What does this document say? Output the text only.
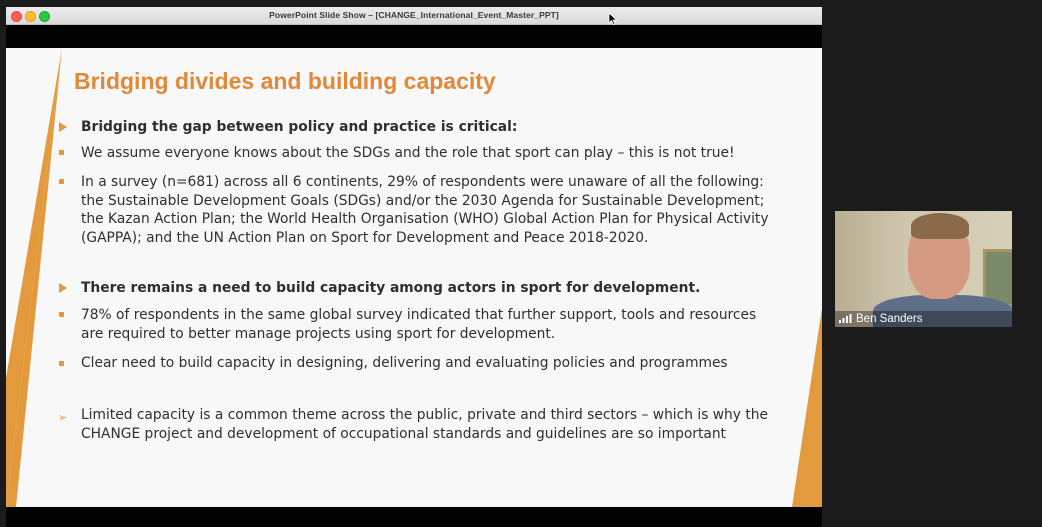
PowerPoint Slide Show – [CHANGE_International_Event_Master_PPT]
Bridging divides and building capacity
Bridging the gap between policy and practice is critical:
We assume everyone knows about the SDGs and the role that sport can play – this is not true!
In a survey (n=681) across all 6 continents, 29% of respondents were unaware of all the following: the Sustainable Development Goals (SDGs) and/or the 2030 Agenda for Sustainable Development; the Kazan Action Plan; the World Health Organisation (WHO) Global Action Plan for Physical Activity (GAPPA); and the UN Action Plan on Sport for Development and Peace 2018-2020.
There remains a need to build capacity among actors in sport for development.
78% of respondents in the same global survey indicated that further support, tools and resources are required to better manage projects using sport for development.
Clear need to build capacity in designing, delivering and evaluating policies and programmes
➢ Limited capacity is a common theme across the public, private and third sectors – which is why the CHANGE project and development of occupational standards and guidelines are so important
Ben Sanders
